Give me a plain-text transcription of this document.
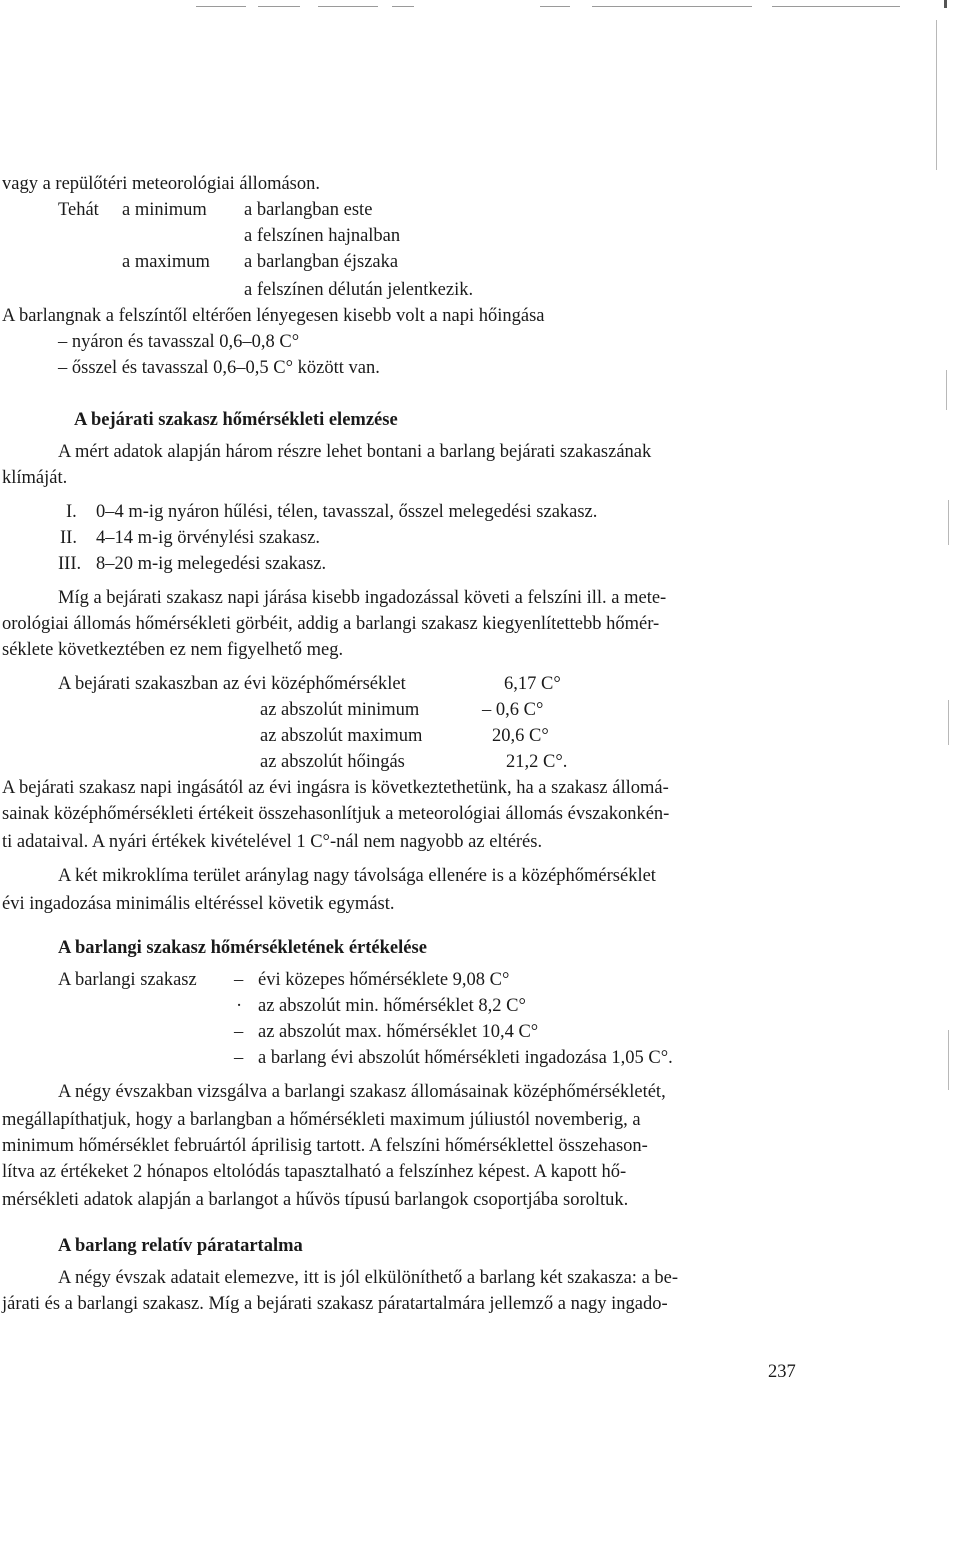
vagy a repülőtéri meteorológiai állomáson.
Tehát a minimum a barlangban este
a felszínen hajnalban
a maximum a barlangban éjszaka
a felszínen délután jelentkezik.
A barlangnak a felszíntől eltérően lényegesen kisebb volt a napi hőingása
– nyáron és tavasszal 0,6–0,8 C°
– ősszel és tavasszal 0,6–0,5 C° között van.
A bejárati szakasz hőmérsékleti elemzése
A mért adatok alapján három részre lehet bontani a barlang bejárati szakaszának
klímáját.
I. 0–4 m-ig nyáron hűlési, télen, tavasszal, ősszel melegedési szakasz.
II. 4–14 m-ig örvénylési szakasz.
III. 8–20 m-ig melegedési szakasz.
Míg a bejárati szakasz napi járása kisebb ingadozással követi a felszíni ill. a mete-
orológiai állomás hőmérsékleti görbéit, addig a barlangi szakasz kiegyenlítettebb hőmér-
séklete következtében ez nem figyelhető meg.
A bejárati szakaszban az évi középhőmérséklet	6,17 C°
az abszolút minimum	– 0,6 C°
az abszolút maximum	20,6 C°
az abszolút hőingás	21,2 C°.
A bejárati szakasz napi ingásától az évi ingásra is következtethetünk, ha a szakasz állomá-
sainak középhőmérsékleti értékeit összehasonlítjuk a meteorológiai állomás évszakonkén-
ti adataival. A nyári értékek kivételével 1 C°-nál nem nagyobb az eltérés.
A két mikroklíma terület aránylag nagy távolsága ellenére is a középhőmérséklet
évi ingadozása minimális eltéréssel követik egymást.
A barlangi szakasz hőmérsékletének értékelése
A barlangi szakasz – évi közepes hőmérséklete 9,08 C°
· az abszolút min. hőmérséklet 8,2 C°
– az abszolút max. hőmérséklet 10,4 C°
– a barlang évi abszolút hőmérsékleti ingadozása 1,05 C°.
A négy évszakban vizsgálva a barlangi szakasz állomásainak középhőmérsékletét,
megállapíthatjuk, hogy a barlangban a hőmérsékleti maximum júliustól novemberig, a
minimum hőmérséklet februártól áprilisig tartott. A felszíni hőmérséklettel összehason-
lítva az értékeket 2 hónapos eltolódás tapasztalható a felszínhez képest. A kapott hő-
mérsékleti adatok alapján a barlangot a hűvös típusú barlangok csoportjába soroltuk.
A barlang relatív páratartalma
A négy évszak adatait elemezve, itt is jól elkülöníthető a barlang két szakasza: a be-
járati és a barlangi szakasz. Míg a bejárati szakasz páratartalmára jellemző a nagy ingado-
237
